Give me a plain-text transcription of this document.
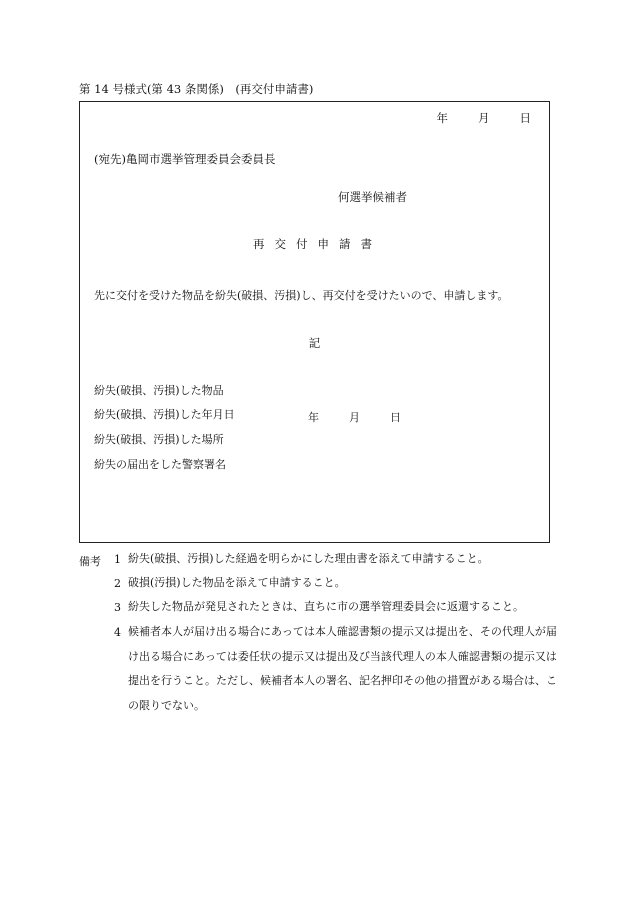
第 14 号様式(第 43 条関係)　(再交付申請書)
年	月	日
(宛先)亀岡市選挙管理委員会委員長
何選挙候補者
再交付申請書
先に交付を受けた物品を紛失(破損、汚損)し、再交付を受けたいので、申請します。
記
紛失(破損、汚損)した物品
紛失(破損、汚損)した年月日	年	月	日
紛失(破損、汚損)した場所
紛失の届出をした警察署名
備考 1 紛失(破損、汚損)した経過を明らかにした理由書を添えて申請すること。
2 破損(汚損)した物品を添えて申請すること。
3 紛失した物品が発見されたときは、直ちに市の選挙管理委員会に返還すること。
4 候補者本人が届け出る場合にあっては本人確認書類の提示又は提出を、その代理人が届け出る場合にあっては委任状の提示又は提出及び当該代理人の本人確認書類の提示又は提出を行うこと。ただし、候補者本人の署名、記名押印その他の措置がある場合は、この限りでない。
